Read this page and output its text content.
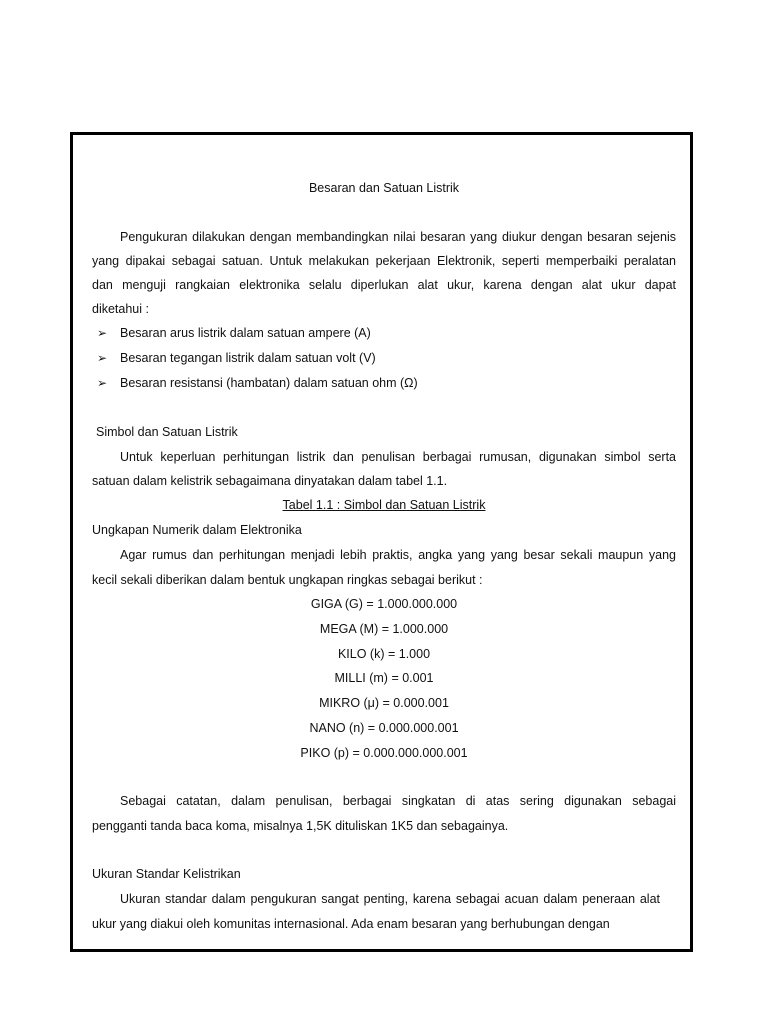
Besaran dan Satuan Listrik
Pengukuran dilakukan dengan membandingkan nilai besaran yang diukur dengan besaran sejenis
yang dipakai sebagai satuan. Untuk melakukan pekerjaan Elektronik, seperti memperbaiki peralatan
dan menguji rangkaian elektronika selalu diperlukan alat ukur, karena dengan alat ukur dapat
diketahui :
➢ Besaran arus listrik dalam satuan ampere (A)
➢ Besaran tegangan listrik dalam satuan volt (V)
➢ Besaran resistansi (hambatan) dalam satuan ohm (Ω)
Simbol dan Satuan Listrik
Untuk keperluan perhitungan listrik dan penulisan berbagai rumusan, digunakan simbol serta
satuan dalam kelistrik sebagaimana dinyatakan dalam tabel 1.1.
Tabel 1.1 : Simbol dan Satuan Listrik
Ungkapan Numerik dalam Elektronika
Agar rumus dan perhitungan menjadi lebih praktis, angka yang yang besar sekali maupun yang
kecil sekali diberikan dalam bentuk ungkapan ringkas sebagai berikut :
GIGA (G) = 1.000.000.000
MEGA (M) = 1.000.000
KILO (k) = 1.000
MILLI (m) = 0.001
MIKRO (μ) = 0.000.001
NANO (n) = 0.000.000.001
PIKO (p) = 0.000.000.000.001
Sebagai catatan, dalam penulisan, berbagai singkatan di atas sering digunakan sebagai
pengganti tanda baca koma, misalnya 1,5K dituliskan 1K5 dan sebagainya.
Ukuran Standar Kelistrikan
Ukuran standar dalam pengukuran sangat penting, karena sebagai acuan dalam peneraan alat
ukur yang diakui oleh komunitas internasional. Ada enam besaran yang berhubungan dengan
